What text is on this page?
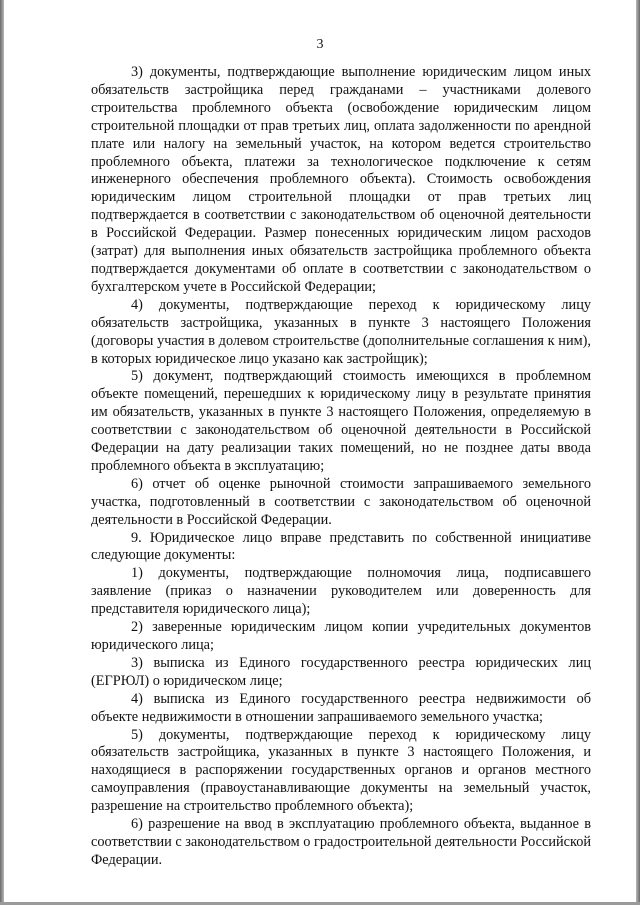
3

3) документы, подтверждающие выполнение юридическим лицом иных обязательств застройщика перед гражданами – участниками долевого строительства проблемного объекта (освобождение юридическим лицом строительной площадки от прав третьих лиц, оплата задолженности по арендной плате или налогу на земельный участок, на котором ведется строительство проблемного объекта, платежи за технологическое подключение к сетям инженерного обеспечения проблемного объекта). Стоимость освобождения юридическим лицом строительной площадки от прав третьих лиц подтверждается в соответствии с законодательством об оценочной деятельности в Российской Федерации. Размер понесенных юридическим лицом расходов (затрат) для выполнения иных обязательств застройщика проблемного объекта подтверждается документами об оплате в соответствии с законодательством о бухгалтерском учете в Российской Федерации;

4) документы, подтверждающие переход к юридическому лицу обязательств застройщика, указанных в пункте 3 настоящего Положения (договоры участия в долевом строительстве (дополнительные соглашения к ним), в которых юридическое лицо указано как застройщик);

5) документ, подтверждающий стоимость имеющихся в проблемном объекте помещений, перешедших к юридическому лицу в результате принятия им обязательств, указанных в пункте 3 настоящего Положения, определяемую в соответствии с законодательством об оценочной деятельности в Российской Федерации на дату реализации таких помещений, но не позднее даты ввода проблемного объекта в эксплуатацию;

6) отчет об оценке рыночной стоимости запрашиваемого земельного участка, подготовленный в соответствии с законодательством об оценочной деятельности в Российской Федерации.

9. Юридическое лицо вправе представить по собственной инициативе следующие документы:

1) документы, подтверждающие полномочия лица, подписавшего заявление (приказ о назначении руководителем или доверенность для представителя юридического лица);

2) заверенные юридическим лицом копии учредительных документов юридического лица;

3) выписка из Единого государственного реестра юридических лиц (ЕГРЮЛ) о юридическом лице;

4) выписка из Единого государственного реестра недвижимости об объекте недвижимости в отношении запрашиваемого земельного участка;

5) документы, подтверждающие переход к юридическому лицу обязательств застройщика, указанных в пункте 3 настоящего Положения, и находящиеся в распоряжении государственных органов и органов местного самоуправления (правоустанавливающие документы на земельный участок, разрешение на строительство проблемного объекта);

6) разрешение на ввод в эксплуатацию проблемного объекта, выданное в соответствии с законодательством о градостроительной деятельности Российской Федерации.
